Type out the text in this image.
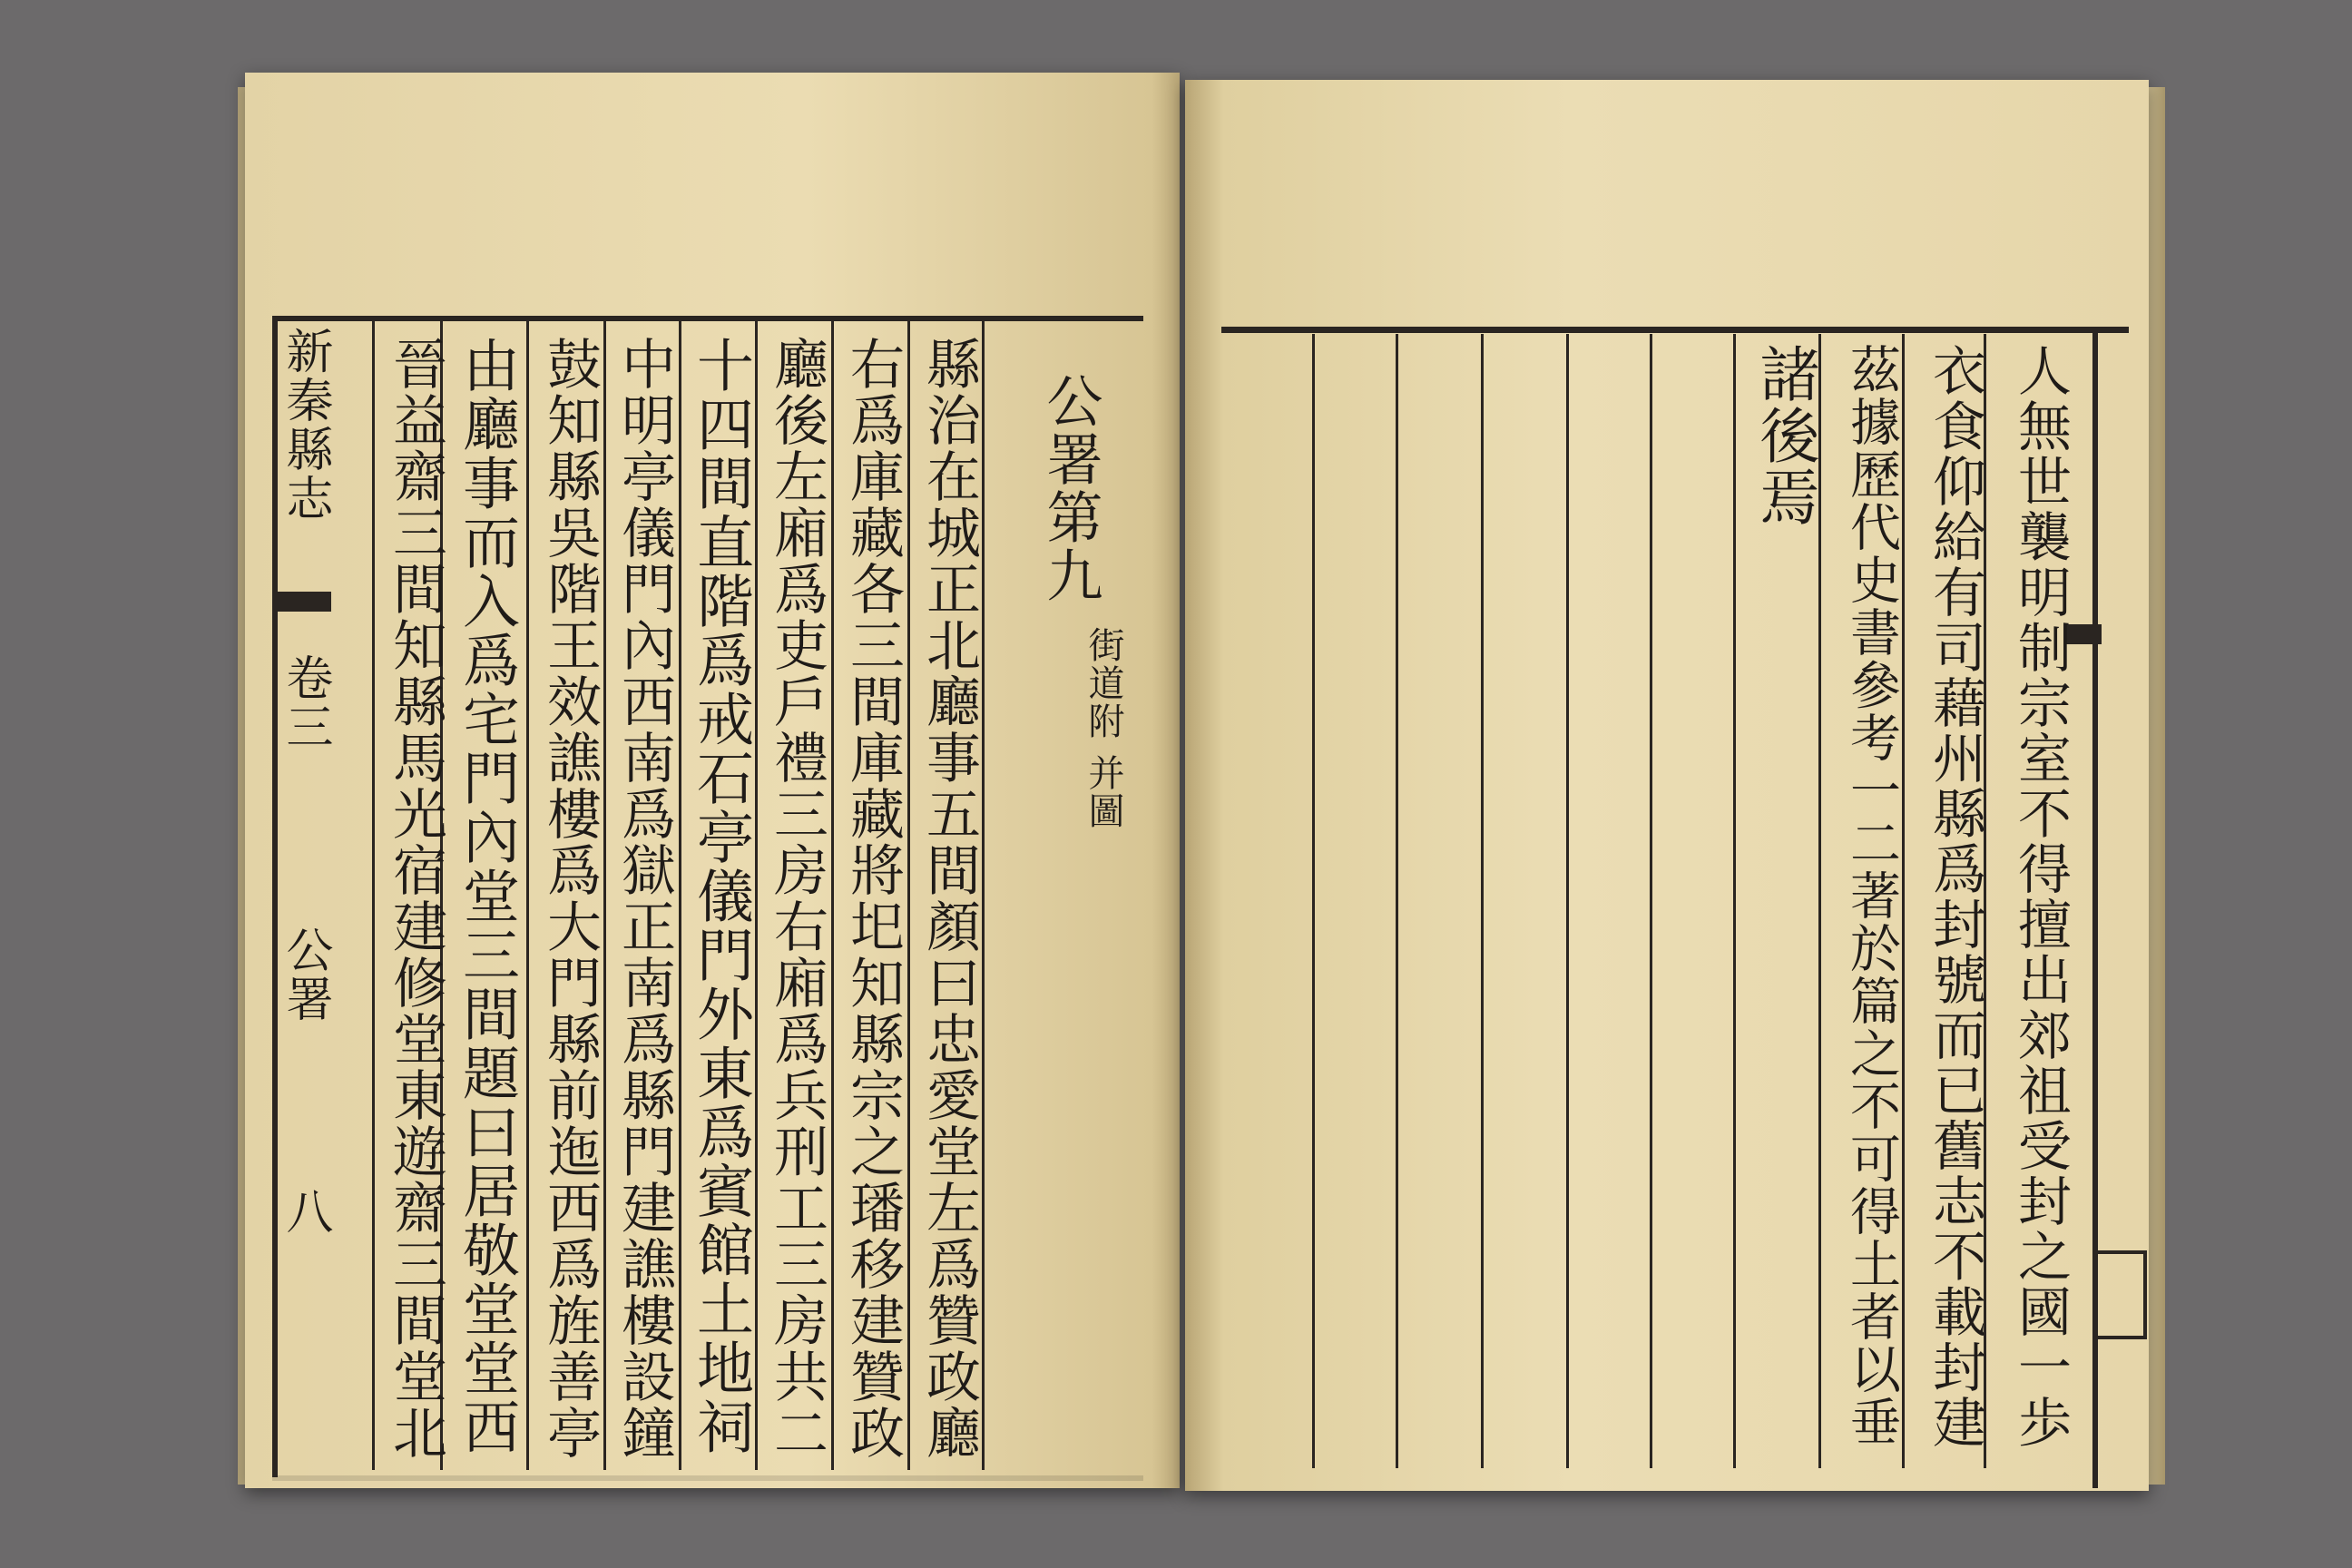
新秦縣志
卷三
公署
八
公署第九
街道附 并圖
縣治在城正北廳事五間顏曰忠愛堂左爲贊政廳
右爲庫藏各三間庫藏將圯知縣宗之璠移建贊政
廳後左廂爲吏戶禮三房右廂爲兵刑工三房共二
十四間直階爲戒石亭儀門外東爲賓館土地祠
中明亭儀門內西南爲獄正南爲縣門建譙樓設鐘
鼓知縣吳階王效譙樓爲大門縣前迤西爲旌善亭
由廳事而入爲宅門內堂三間題曰居敬堂堂西
晉益齋三間知縣馬光宿建修堂東遊齋三間堂北	人無世襲明制宗室不得擅出郊祖受封之國一歩
衣食仰給有司藉州縣爲封號而已舊志不載封建
茲據歷代史書參考一二著於篇之不可得土者以垂
諸後焉
